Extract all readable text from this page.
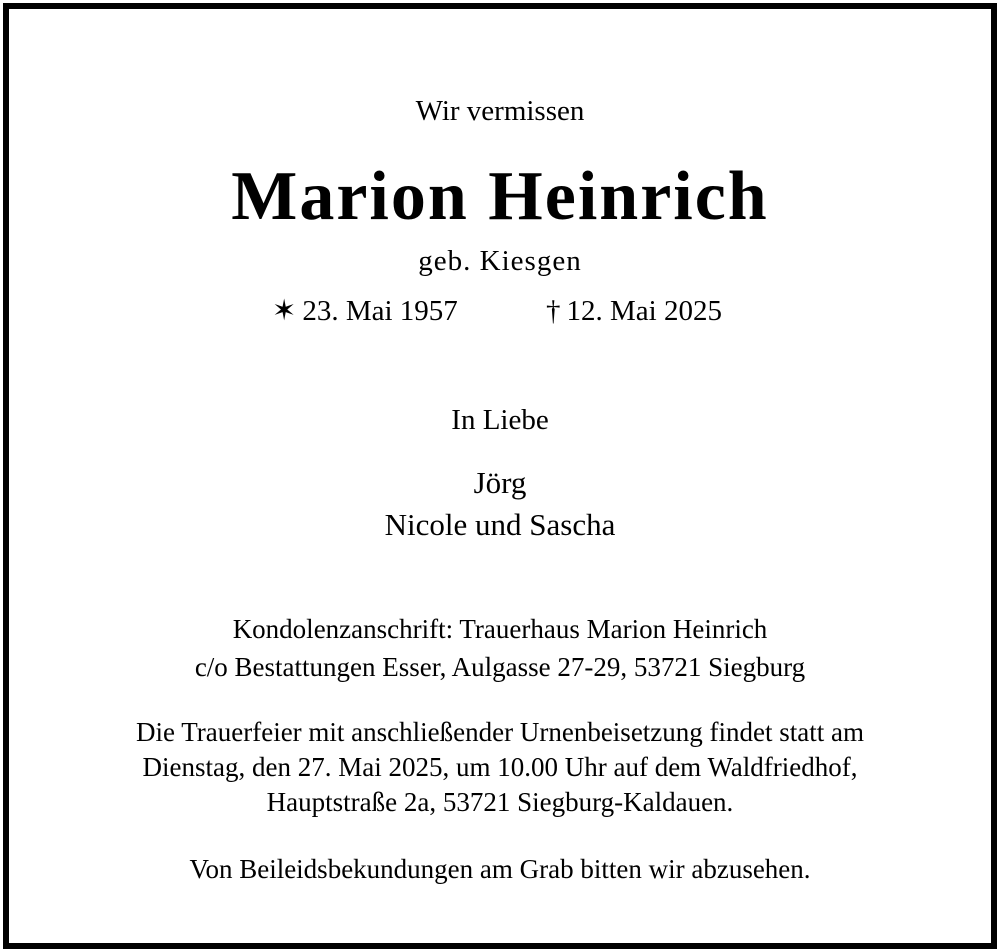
Wir vermissen
Marion Heinrich
geb. Kiesgen
✶ 23. Mai 1957	† 12. Mai 2025
In Liebe
Jörg
Nicole und Sascha
Kondolenzanschrift: Trauerhaus Marion Heinrich
c/o Bestattungen Esser, Aulgasse 27-29, 53721 Siegburg
Die Trauerfeier mit anschließender Urnenbeisetzung findet statt am
Dienstag, den 27. Mai 2025, um 10.00 Uhr auf dem Waldfriedhof,
Hauptstraße 2a, 53721 Siegburg-Kaldauen.
Von Beileidsbekundungen am Grab bitten wir abzusehen.
